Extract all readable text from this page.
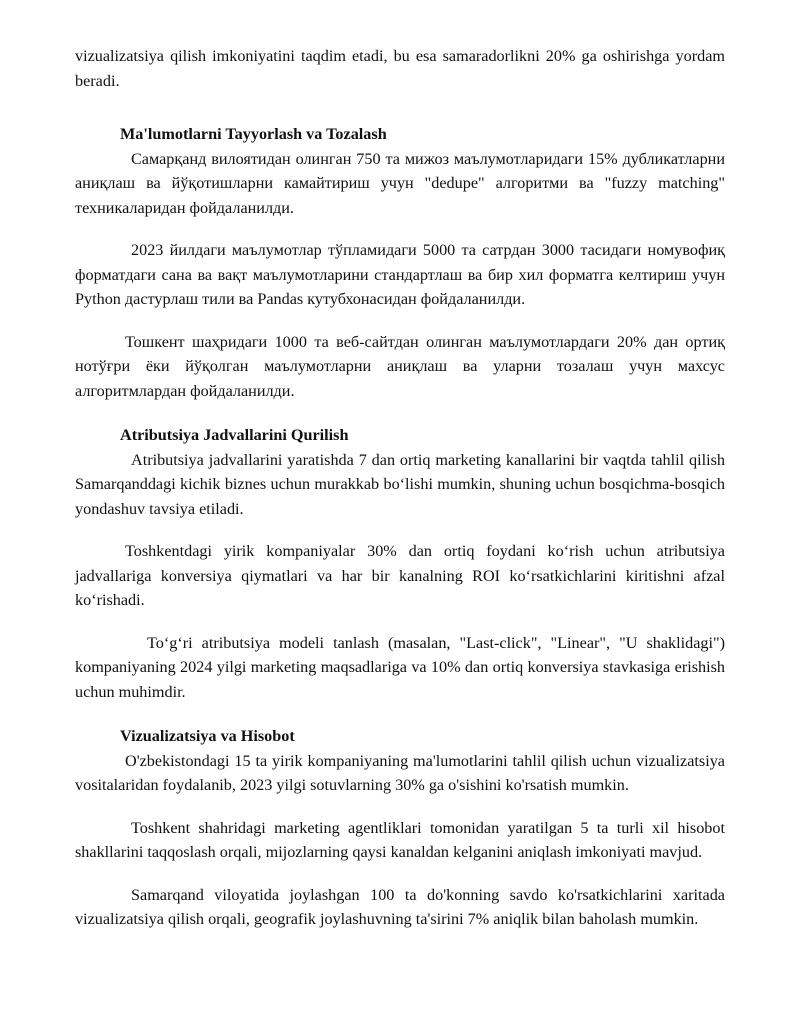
vizualizatsiya qilish imkoniyatini taqdim etadi, bu esa samaradorlikni 20% ga oshirishga yordam beradi.

Ma'lumotlarni Tayyorlash va Tozalash

Самарқанд вилоятидан олинган 750 та мижоз маълумотларидаги 15% дубликатларни аниқлаш ва йўқотишларни камайтириш учун "dedupe" алгоритми ва "fuzzy matching" техникаларидан фойдаланилди.

2023 йилдаги маълумотлар тўпламидаги 5000 та сатрдан 3000 тасидаги номувофиқ форматдаги сана ва вақт маълумотларини стандартлаш ва бир хил форматга келтириш учун Python дастурлаш тили ва Pandas кутубхонасидан фойдаланилди.

Тошкент шаҳридаги 1000 та веб-сайтдан олинган маълумотлардаги 20% дан ортиқ нотўғри ёки йўқолган маълумотларни аниқлаш ва уларни тозалаш учун махсус алгоритмлардан фойдаланилди.

Atributsiya Jadvallarini Qurilish

Atributsiya jadvallarini yaratishda 7 dan ortiq marketing kanallarini bir vaqtda tahlil qilish Samarqanddagi kichik biznes uchun murakkab bo‘lishi mumkin, shuning uchun bosqichma-bosqich yondashuv tavsiya etiladi.

Toshkentdagi yirik kompaniyalar 30% dan ortiq foydani ko‘rish uchun atributsiya jadvallariga konversiya qiymatlari va har bir kanalning ROI ko‘rsatkichlarini kiritishni afzal ko‘rishadi.

To‘g‘ri atributsiya modeli tanlash (masalan, "Last-click", "Linear", "U shaklidagi") kompaniyaning 2024 yilgi marketing maqsadlariga va 10% dan ortiq konversiya stavkasiga erishish uchun muhimdir.

Vizualizatsiya va Hisobot

O'zbekistondagi 15 ta yirik kompaniyaning ma'lumotlarini tahlil qilish uchun vizualizatsiya vositalaridan foydalanib, 2023 yilgi sotuvlarning 30% ga o'sishini ko'rsatish mumkin.

Toshkent shahridagi marketing agentliklari tomonidan yaratilgan 5 ta turli xil hisobot shakllarini taqqoslash orqali, mijozlarning qaysi kanaldan kelganini aniqlash imkoniyati mavjud.

Samarqand viloyatida joylashgan 100 ta do'konning savdo ko'rsatkichlarini xaritada vizualizatsiya qilish orqali, geografik joylashuvning ta'sirini 7% aniqlik bilan baholash mumkin.
